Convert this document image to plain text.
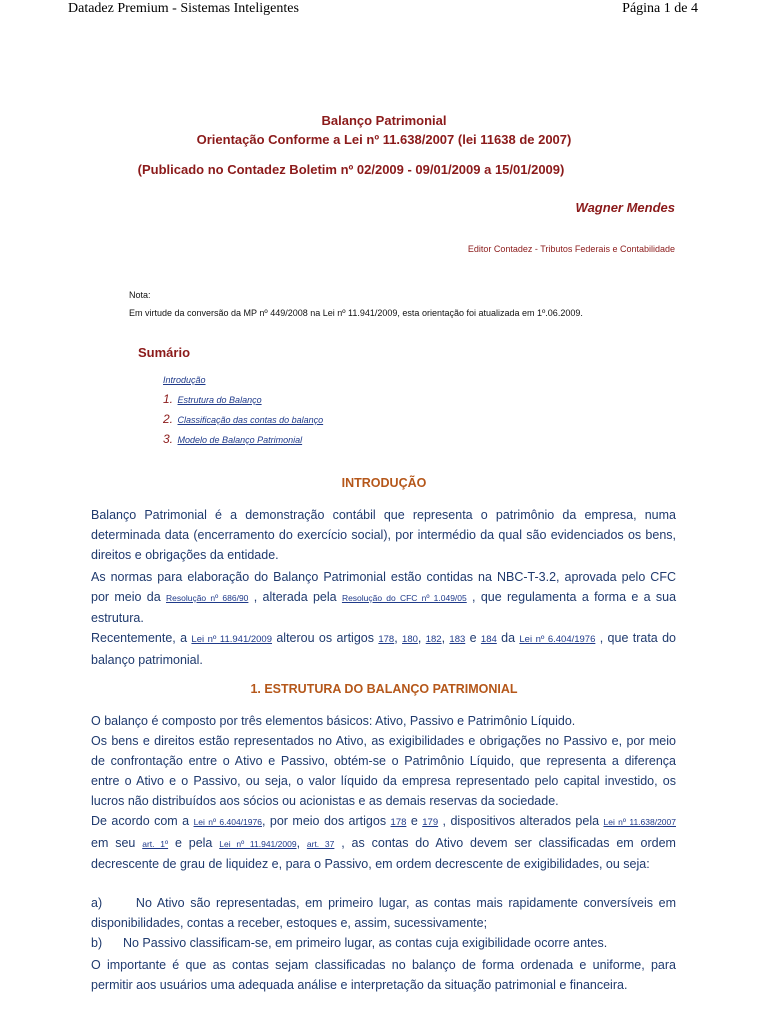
Datadez Premium - Sistemas Inteligentes	Página 1 de 4
Balanço Patrimonial
Orientação Conforme a Lei nº 11.638/2007 (lei 11638 de 2007)
(Publicado no Contadez Boletim nº 02/2009 - 09/01/2009 a 15/01/2009)
Wagner Mendes
Editor Contadez - Tributos Federais e Contabilidade
Nota:
Em virtude da conversão da MP nº 449/2008 na Lei nº 11.941/2009, esta orientação foi atualizada em 1º.06.2009.
Sumário
Introdução
1. Estrutura do Balanço
2. Classificação das contas do balanço
3. Modelo de Balanço Patrimonial
INTRODUÇÃO
Balanço Patrimonial é a demonstração contábil que representa o patrimônio da empresa, numa determinada data (encerramento do exercício social), por intermédio da qual são evidenciados os bens, direitos e obrigações da entidade.
As normas para elaboração do Balanço Patrimonial estão contidas na NBC-T-3.2, aprovada pelo CFC por meio da Resolução nº 686/90 , alterada pela Resolução do CFC nº 1.049/05 , que regulamenta a forma e a sua estrutura.
Recentemente, a Lei nº 11.941/2009 alterou os artigos 178, 180, 182, 183 e 184 da Lei nº 6.404/1976 , que trata do balanço patrimonial.
1. ESTRUTURA DO BALANÇO PATRIMONIAL
O balanço é composto por três elementos básicos: Ativo, Passivo e Patrimônio Líquido.
Os bens e direitos estão representados no Ativo, as exigibilidades e obrigações no Passivo e, por meio de confrontação entre o Ativo e Passivo, obtém-se o Patrimônio Líquido, que representa a diferença entre o Ativo e o Passivo, ou seja, o valor líquido da empresa representado pelo capital investido, os lucros não distribuídos aos sócios ou acionistas e as demais reservas da sociedade.
De acordo com a Lei nº 6.404/1976, por meio dos artigos 178 e 179 , dispositivos alterados pela Lei nº 11.638/2007 em seu art. 1º e pela Lei nº 11.941/2009, art. 37 , as contas do Ativo devem ser classificadas em ordem decrescente de grau de liquidez e, para o Passivo, em ordem decrescente de exigibilidades, ou seja:
a)      No Ativo são representadas, em primeiro lugar, as contas mais rapidamente conversíveis em disponibilidades, contas a receber, estoques e, assim, sucessivamente;
b)      No Passivo classificam-se, em primeiro lugar, as contas cuja exigibilidade ocorre antes.
O importante é que as contas sejam classificadas no balanço de forma ordenada e uniforme, para permitir aos usuários uma adequada análise e interpretação da situação patrimonial e financeira.
